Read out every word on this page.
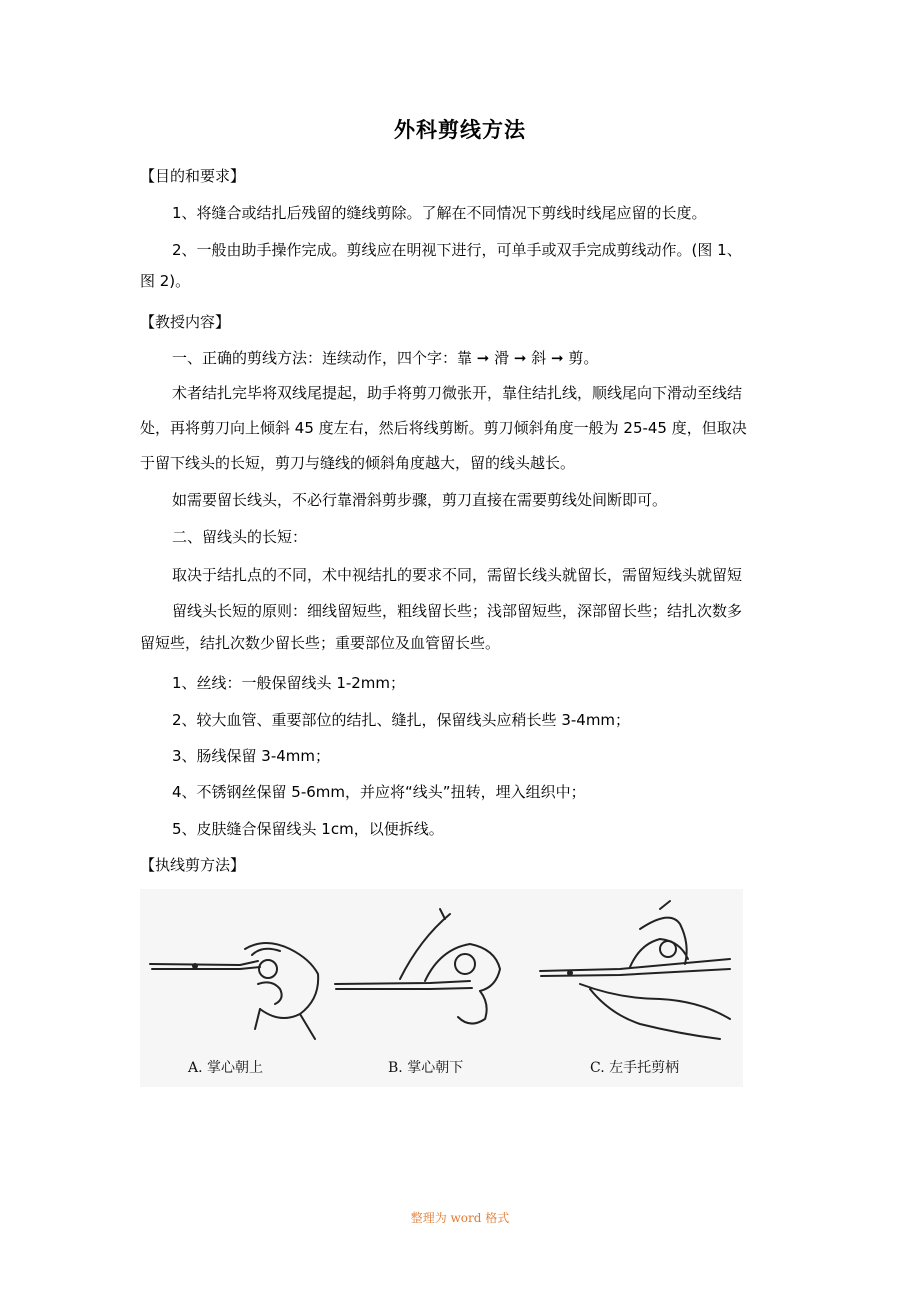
外科剪线方法
【目的和要求】
1、将缝合或结扎后残留的缝线剪除。了解在不同情况下剪线时线尾应留的长度。
2、一般由助手操作完成。剪线应在明视下进行，可单手或双手完成剪线动作。(图 1、
图 2)。
【教授内容】
一、正确的剪线方法：连续动作，四个字：靠 ➞ 滑 ➞ 斜 ➞ 剪。
术者结扎完毕将双线尾提起，助手将剪刀微张开，靠住结扎线，顺线尾向下滑动至线结
处，再将剪刀向上倾斜 45 度左右，然后将线剪断。剪刀倾斜角度一般为 25-45 度，但取决
于留下线头的长短，剪刀与缝线的倾斜角度越大，留的线头越长。
如需要留长线头，不必行靠滑斜剪步骤，剪刀直接在需要剪线处间断即可。
二、留线头的长短：
取决于结扎点的不同，术中视结扎的要求不同，需留长线头就留长，需留短线头就留短
留线头长短的原则：细线留短些，粗线留长些；浅部留短些，深部留长些；结扎次数多
留短些，结扎次数少留长些；重要部位及血管留长些。
1、丝线：一般保留线头 1-2mm；
2、较大血管、重要部位的结扎、缝扎，保留线头应稍长些 3-4mm；
3、肠线保留 3-4mm；
4、不锈钢丝保留 5-6mm，并应将“线头”扭转，埋入组织中；
5、皮肤缝合保留线头 1cm，以便拆线。
【执线剪方法】
A. 掌心朝上	B. 掌心朝下	C. 左手托剪柄
整理为 word 格式
